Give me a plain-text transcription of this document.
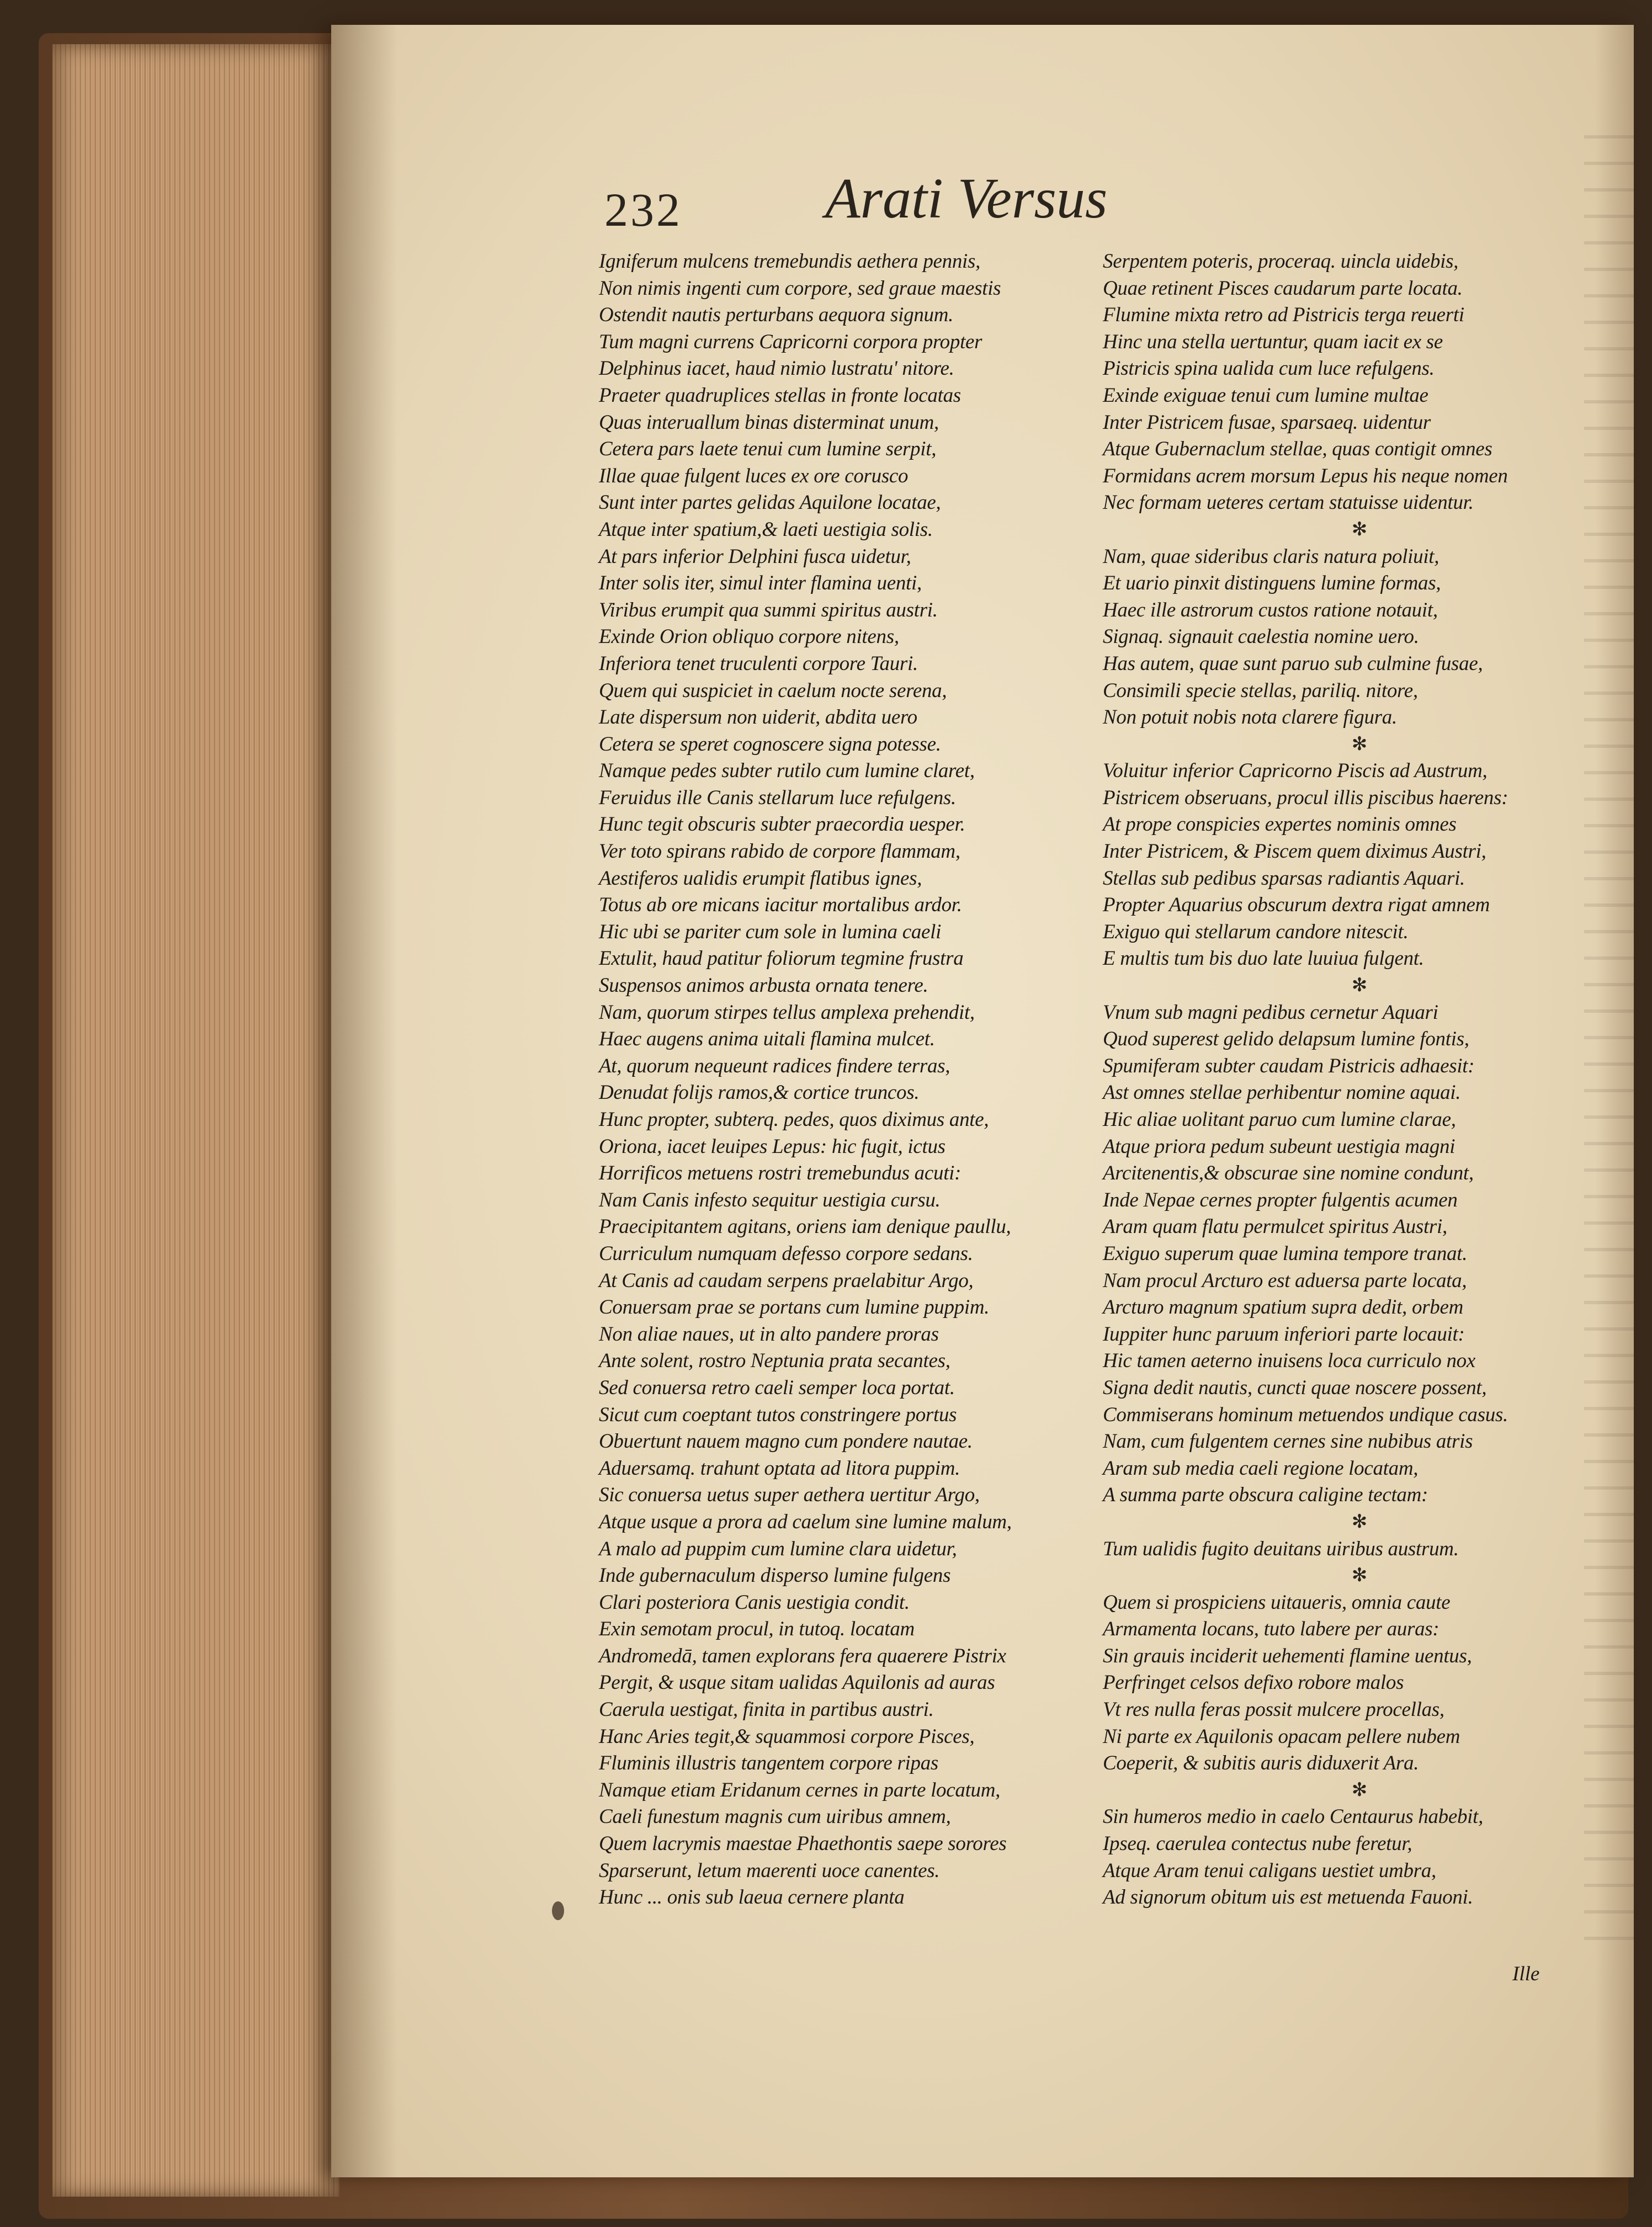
232 Arati Versus
Igniferum mulcens tremebundis aethera pennis,
Non nimis ingenti cum corpore, sed graue maestis
Ostendit nautis perturbans aequora signum.
Tum magni currens Capricorni corpora propter
Delphinus iacet, haud nimio lustratu' nitore.
Praeter quadruplices stellas in fronte locatas
Quas interuallum binas disterminat unum,
Cetera pars laete tenui cum lumine serpit,
Illae quae fulgent luces ex ore corusco
Sunt inter partes gelidas Aquilone locatae,
Atque inter spatium,& laeti uestigia solis.
At pars inferior Delphini fusca uidetur,
Inter solis iter, simul inter flamina uenti,
Viribus erumpit qua summi spiritus austri.
Exinde Orion obliquo corpore nitens,
Inferiora tenet truculenti corpore Tauri.
Quem qui suspiciet in caelum nocte serena,
Late dispersum non uiderit, abdita uero
Cetera se speret cognoscere signa potesse.
Namque pedes subter rutilo cum lumine claret,
Feruidus ille Canis stellarum luce refulgens.
Hunc tegit obscuris subter praecordia uesper.
Ver toto spirans rabido de corpore flammam,
Aestiferos ualidis erumpit flatibus ignes,
Totus ab ore micans iacitur mortalibus ardor.
Hic ubi se pariter cum sole in lumina caeli
Extulit, haud patitur foliorum tegmine frustra
Suspensos animos arbusta ornata tenere.
Nam, quorum stirpes tellus amplexa prehendit,
Haec augens anima uitali flamina mulcet.
At, quorum nequeunt radices findere terras,
Denudat folijs ramos,& cortice truncos.
Hunc propter, subterq. pedes, quos diximus ante,
Oriona, iacet leuipes Lepus: hic fugit, ictus
Horrificos metuens rostri tremebundus acuti:
Nam Canis infesto sequitur uestigia cursu.
Praecipitantem agitans, oriens iam denique paullu,
Curriculum numquam defesso corpore sedans.
At Canis ad caudam serpens praelabitur Argo,
Conuersam prae se portans cum lumine puppim.
Non aliae naues, ut in alto pandere proras
Ante solent, rostro Neptunia prata secantes,
Sed conuersa retro caeli semper loca portat.
Sicut cum coeptant tutos constringere portus
Obuertunt nauem magno cum pondere nautae.
Aduersamq. trahunt optata ad litora puppim.
Sic conuersa uetus super aethera uertitur Argo,
Atque usque a prora ad caelum sine lumine malum,
A malo ad puppim cum lumine clara uidetur,
Inde gubernaculum disperso lumine fulgens
Clari posteriora Canis uestigia condit.
Exin semotam procul, in tutoq. locatam
Andromedā, tamen explorans fera quaerere Pistrix
Pergit, & usque sitam ualidas Aquilonis ad auras
Caerula uestigat, finita in partibus austri.
Hanc Aries tegit,& squammosi corpore Pisces,
Fluminis illustris tangentem corpore ripas
Namque etiam Eridanum cernes in parte locatum,
Caeli funestum magnis cum uiribus amnem,
Quem lacrymis maestae Phaethontis saepe sorores
Sparserunt, letum maerenti uoce canentes.
Hunc ... onis sub laeua cernere planta
Serpentem poteris, proceraq. uincla uidebis,
Quae retinent Pisces caudarum parte locata.
Flumine mixta retro ad Pistricis terga reuerti
Hinc una stella uertuntur, quam iacit ex se
Pistricis spina ualida cum luce refulgens.
Exinde exiguae tenui cum lumine multae
Inter Pistricem fusae, sparsaeq. uidentur
Atque Gubernaclum stellae, quas contigit omnes
Formidans acrem morsum Lepus his neque nomen
Nec formam ueteres certam statuisse uidentur.
✻
Nam, quae sideribus claris natura poliuit,
Et uario pinxit distinguens lumine formas,
Haec ille astrorum custos ratione notauit,
Signaq. signauit caelestia nomine uero.
Has autem, quae sunt paruo sub culmine fusae,
Consimili specie stellas, pariliq. nitore,
Non potuit nobis nota clarere figura.
✻
Voluitur inferior Capricorno Piscis ad Austrum,
Pistricem obseruans, procul illis piscibus haerens:
At prope conspicies expertes nominis omnes
Inter Pistricem, & Piscem quem diximus Austri,
Stellas sub pedibus sparsas radiantis Aquari.
Propter Aquarius obscurum dextra rigat amnem
Exiguo qui stellarum candore nitescit.
E multis tum bis duo late luuiua fulgent.
✻
Vnum sub magni pedibus cernetur Aquari
Quod superest gelido delapsum lumine fontis,
Spumiferam subter caudam Pistricis adhaesit:
Ast omnes stellae perhibentur nomine aquai.
Hic aliae uolitant paruo cum lumine clarae,
Atque priora pedum subeunt uestigia magni
Arcitenentis,& obscurae sine nomine condunt,
Inde Nepae cernes propter fulgentis acumen
Aram quam flatu permulcet spiritus Austri,
Exiguo superum quae lumina tempore tranat.
Nam procul Arcturo est aduersa parte locata,
Arcturo magnum spatium supra dedit, orbem
Iuppiter hunc paruum inferiori parte locauit:
Hic tamen aeterno inuisens loca curriculo nox
Signa dedit nautis, cuncti quae noscere possent,
Commiserans hominum metuendos undique casus.
Nam, cum fulgentem cernes sine nubibus atris
Aram sub media caeli regione locatam,
A summa parte obscura caligine tectam:
✻
Tum ualidis fugito deuitans uiribus austrum.
✻
Quem si prospiciens uitaueris, omnia caute
Armamenta locans, tuto labere per auras:
Sin grauis inciderit uehementi flamine uentus,
Perfringet celsos defixo robore malos
Vt res nulla feras possit mulcere procellas,
Ni parte ex Aquilonis opacam pellere nubem
Coeperit, & subitis auris diduxerit Ara.
✻
Sin humeros medio in caelo Centaurus habebit,
Ipseq. caerulea contectus nube feretur,
Atque Aram tenui caligans uestiet umbra,
Ad signorum obitum uis est metuenda Fauoni.
Ille
